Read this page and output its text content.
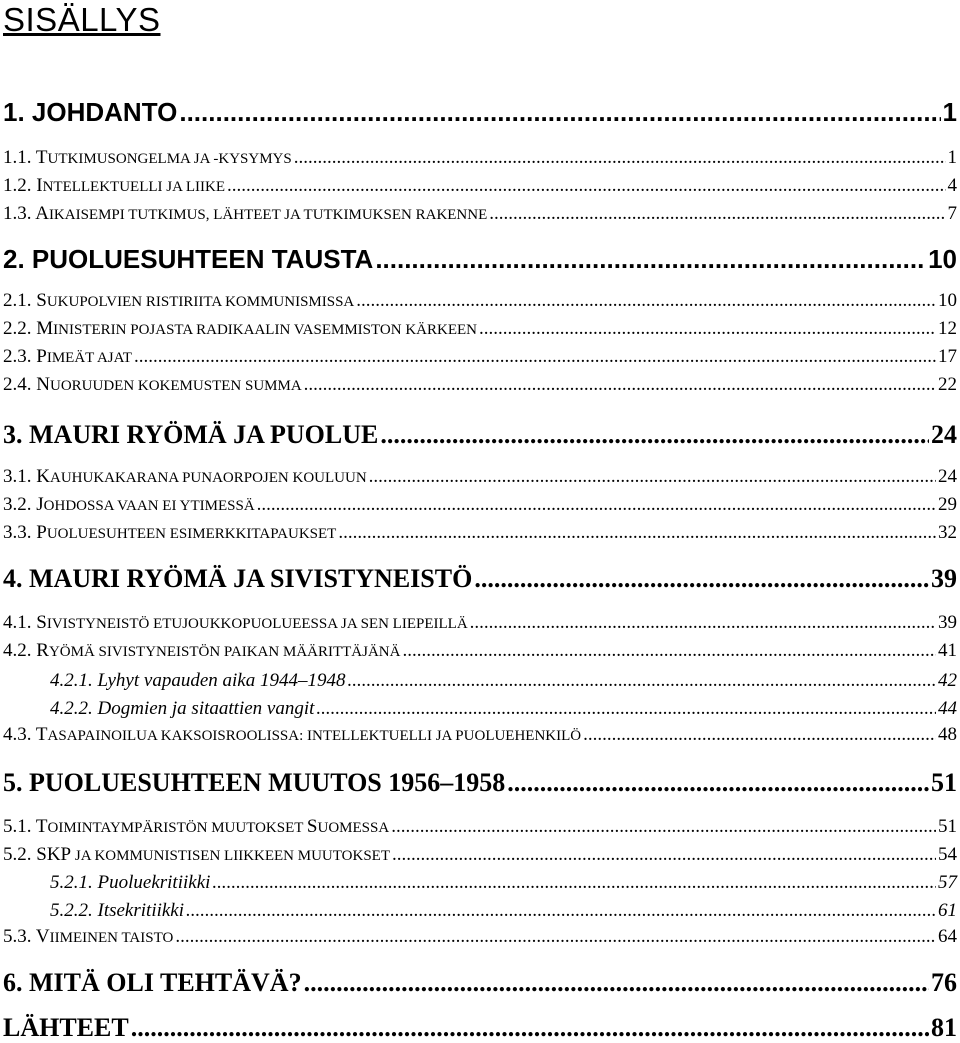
SISÄLLYS
1. JOHDANTO .....	1
1.1. TUTKIMUSONGELMA JA -KYSYMYS .....	1
1.2. INTELLEKTUELLI JA LIIKE .....	4
1.3. AIKAISEMPI TUTKIMUS, LÄHTEET JA TUTKIMUKSEN RAKENNE .....	7
2. PUOLUESUHTEEN TAUSTA .....	10
2.1. SUKUPOLVIEN RISTIRIITA KOMMUNISMISSA .....	10
2.2. MINISTERIN POJASTA RADIKAALIN VASEMMISTON KÄRKEEN .....	12
2.3. PIMEÄT AJAT .....	17
2.4. NUORUUDEN KOKEMUSTEN SUMMA .....	22
3. MAURI RYÖMÄ JA PUOLUE .....	24
3.1. KAUHUKAKARANA PUNAORPOJEN KOULUUN .....	24
3.2. JOHDOSSA VAAN EI YTIMESSÄ .....	29
3.3. PUOLUESUHTEEN ESIMERKKITAPAUKSET .....	32
4. MAURI RYÖMÄ JA SIVISTYNEISTÖ .....	39
4.1. SIVISTYNEISTÖ ETUJOUKKOPUOLUEESSA JA SEN LIEPEILLÄ .....	39
4.2. RYÖMÄ SIVISTYNEISTÖN PAIKAN MÄÄRITTÄJÄNÄ .....	41
4.2.1. Lyhyt vapauden aika 1944–1948 .....	42
4.2.2. Dogmien ja sitaattien vangit .....	44
4.3. TASAPAINOILUA KAKSOISROOLISSA: INTELLEKTUELLI JA PUOLUEHENKILÖ .....	48
5. PUOLUESUHTEEN MUUTOS 1956–1958 .....	51
5.1. TOIMINTAYMPÄRISTÖN MUUTOKSET SUOMESSA .....	51
5.2. SKP JA KOMMUNISTISEN LIIKKEEN MUUTOKSET .....	54
5.2.1. Puoluekritiikki .....	57
5.2.2. Itsekritiikki .....	61
5.3. VIIMEINEN TAISTO .....	64
6. MITÄ OLI TEHTÄVÄ? .....	76
LÄHTEET .....	81
